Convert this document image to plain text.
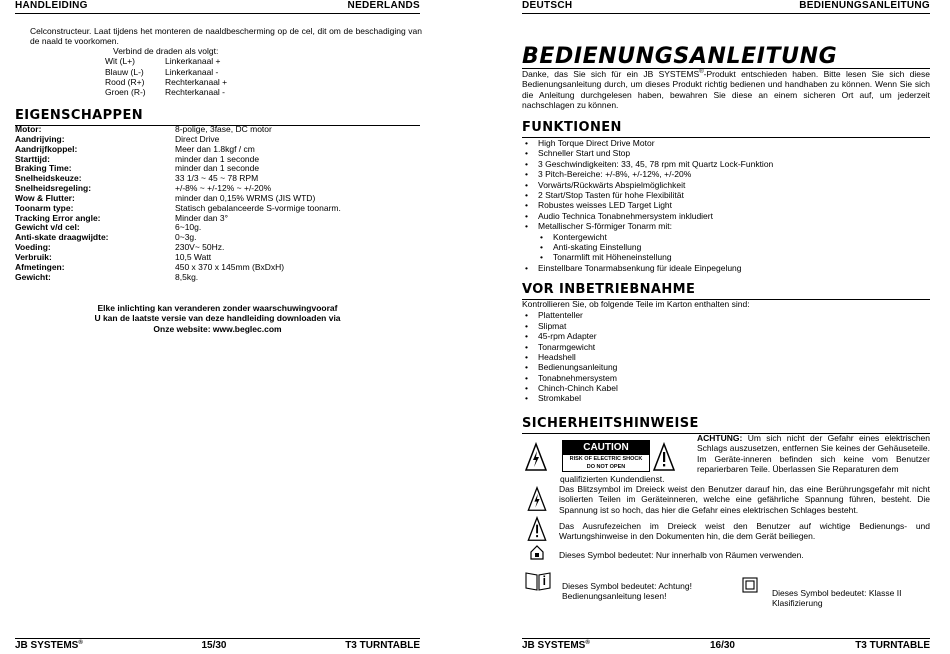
HANDLEIDING	NEDERLANDS
Celconstructeur. Laat tijdens het monteren de naaldbescherming op de cel, dit om de beschadiging van de naald te voorkomen.
Verbind de draden als volgt:
Wit (L+)	Linkerkanaal +
Blauw (L-)	Linkerkanaal -
Rood (R+)	Rechterkanaal +
Groen (R-)	Rechterkanaal -
EIGENSCHAPPEN
Motor:	8-polige, 3fase, DC motor
Aandrijving:	Direct Drive
Aandrijfkoppel:	Meer dan 1.8kgf / cm
Starttijd:	minder dan 1 seconde
Braking Time:	minder dan 1 seconde
Snelheidskeuze:	33 1/3 ~ 45 ~ 78 RPM
Snelheidsregeling:	+/-8% ~ +/-12% ~ +/-20%
Wow & Flutter:	minder dan 0,15% WRMS (JIS WTD)
Toonarm type:	Statisch gebalanceerde S-vormige toonarm.
Tracking Error angle:	Minder dan 3°
Gewicht v/d cel:	6~10g.
Anti-skate draagwijdte:	0~3g.
Voeding:	230V~ 50Hz.
Verbruik:	10,5 Watt
Afmetingen:	450 x 370 x 145mm (BxDxH)
Gewicht:	8,5kg.
Elke inlichting kan veranderen zonder waarschuwingvooraf
U kan de laatste versie van deze handleiding downloaden via
Onze website: www.beglec.com
JB SYSTEMS®	15/30	T3 TURNTABLE
DEUTSCH	BEDIENUNGSANLEITUNG
BEDIENUNGSANLEITUNG
Danke, das Sie sich für ein JB SYSTEMS®-Produkt entschieden haben. Bitte lesen Sie sich diese Bedienungsanleitung durch, um dieses Produkt richtig bedienen und handhaben zu können. Wenn Sie sich die Anleitung durchgelesen haben, bewahren Sie diese an einem sicheren Ort auf, um jederzeit nachschlagen zu können.
FUNKTIONEN
• High Torque Direct Drive Motor
• Schneller Start und Stop
• 3 Geschwindigkeiten: 33, 45, 78 rpm mit Quartz Lock-Funktion
• 3 Pitch-Bereiche: +/-8%, +/-12%, +/-20%
• Vorwärts/Rückwärts Abspielmöglichkeit
• 2 Start/Stop Tasten für hohe Flexibilität
• Robustes weisses LED Target Light
• Audio Technica Tonabnehmersystem inkludiert
• Metallischer S-förmiger Tonarm mit:
• Kontergewicht
• Anti-skating Einstellung
• Tonarmlift mit Höheneinstellung
• Einstellbare Tonarmabsenkung für ideale Einpegelung
VOR INBETRIEBNAHME
Kontrollieren Sie, ob folgende Teile im Karton enthalten sind:
• Plattenteller
• Slipmat
• 45-rpm Adapter
• Tonarmgewicht
• Headshell
• Bedienungsanleitung
• Tonabnehmersystem
• Chinch-Chinch Kabel
• Stromkabel
SICHERHEITSHINWEISE
CAUTION
RISK OF ELECTRIC SHOCK
DO NOT OPEN
ACHTUNG: Um sich nicht der Gefahr eines elektrischen Schlags auszusetzen, entfernen Sie keines der Gehäuseteile. Im Geräte-inneren befinden sich keine vom Benutzer reparierbaren Teile. Überlassen Sie Reparaturen dem
qualifizierten Kundendienst.
Das Blitzsymbol im Dreieck weist den Benutzer darauf hin, das eine Berührungsgefahr mit nicht isolierten Teilen im Geräteinneren, welche eine gefährliche Spannung führen, besteht. Die Spannung ist so hoch, das hier die Gefahr eines elektrischen Schlages besteht.
Das Ausrufezeichen im Dreieck weist den Benutzer auf wichtige Bedienungs- und Wartungshinweise in den Dokumenten hin, die dem Gerät beiliegen.
Dieses Symbol bedeutet: Nur innerhalb von Räumen verwenden.
Dieses Symbol bedeutet: Achtung! Bedienungsanleitung lesen!	Dieses Symbol bedeutet: Klasse II Klasifizierung
JB SYSTEMS®	16/30	T3 TURNTABLE
